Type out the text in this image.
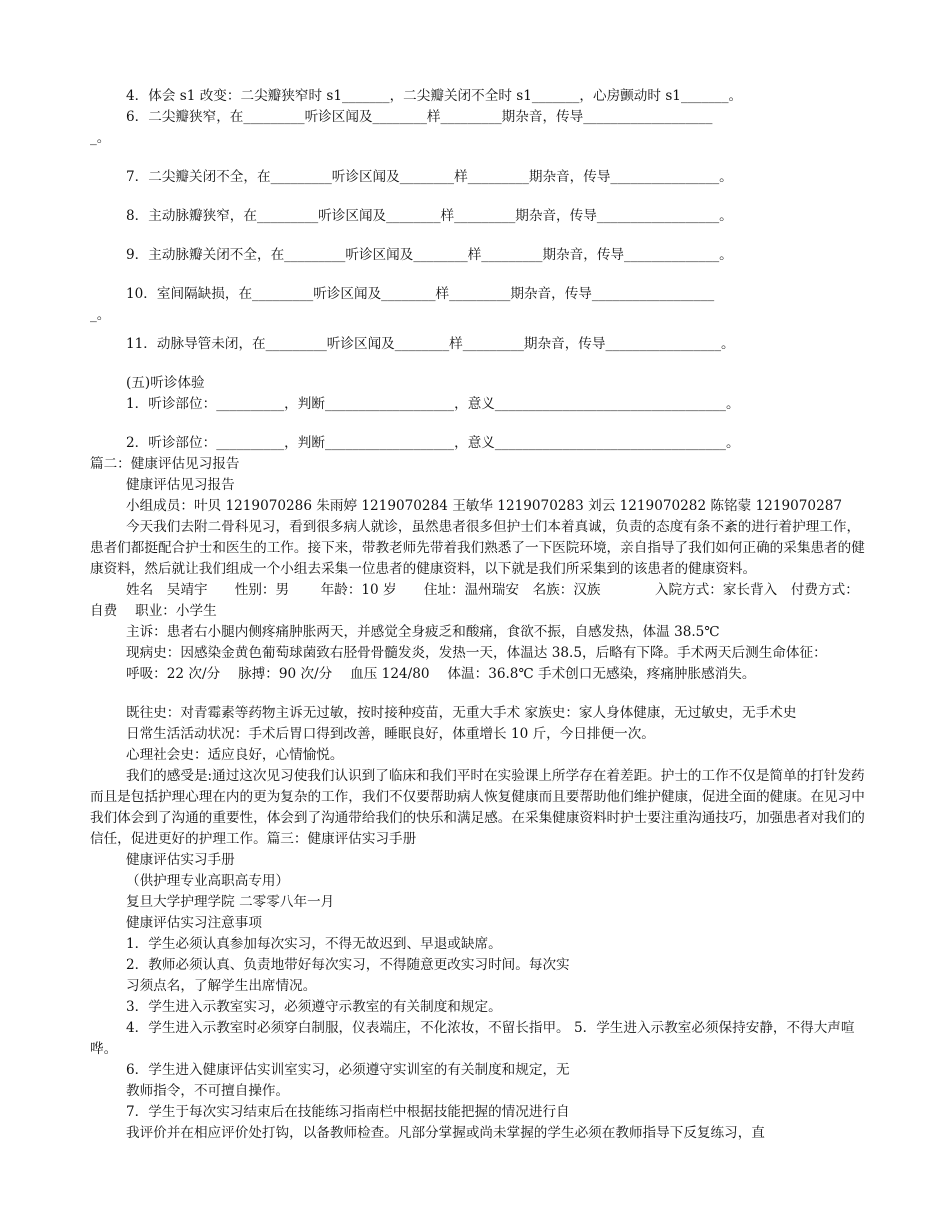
4．体会 s1 改变：二尖瓣狭窄时 s1_______，二尖瓣关闭不全时 s1_______，心房颤动时 s1_______。
6．二尖瓣狭窄，在_________听诊区闻及________样_________期杂音，传导___________________
_。
7．二尖瓣关闭不全，在_________听诊区闻及________样_________期杂音，传导________________。
8．主动脉瓣狭窄，在_________听诊区闻及________样_________期杂音，传导__________________。
9．主动脉瓣关闭不全，在_________听诊区闻及________样_________期杂音，传导______________。
10．室间隔缺损，在_________听诊区闻及________样_________期杂音，传导__________________
_。
11．动脉导管未闭，在_________听诊区闻及________样_________期杂音，传导_________________。
(五)听诊体验
1．听诊部位：__________，判断___________________，意义__________________________________。
2．听诊部位：__________，判断___________________，意义__________________________________。
篇二：健康评估见习报告
健康评估见习报告
小组成员：叶贝 1219070286 朱雨婷 1219070284 王敏华 1219070283 刘云 1219070282 陈铭蒙 1219070287
今天我们去附二骨科见习，看到很多病人就诊，虽然患者很多但护士们本着真诚，负责的态度有条不紊的进行着护理工作，患者们都挺配合护士和医生的工作。接下来，带教老师先带着我们熟悉了一下医院环境，亲自指导了我们如何正确的采集患者的健康资料，然后就让我们组成一个小组去采集一位患者的健康资料，以下就是我们所采集到的该患者的健康资料。
姓名　吴靖宇　　性别：男　　 年龄：10 岁　　住址：温州瑞安　名族：汉族　　　　入院方式：家长背入　付费方式：自费　 职业：小学生
主诉：患者右小腿内侧疼痛肿胀两天，并感觉全身疲乏和酸痛，食欲不振，自感发热，体温 38.5℃
现病史：因感染金黄色葡萄球菌致右胫骨骨髓发炎，发热一天，体温达 38.5，后略有下降。手术两天后测生命体征：
呼吸：22 次/分　 脉搏：90 次/分　 血压 124/80　 体温：36.8℃ 手术创口无感染，疼痛肿胀感消失。
既往史：对青霉素等药物主诉无过敏，按时接种疫苗，无重大手术 家族史：家人身体健康，无过敏史，无手术史
日常生活活动状况：手术后胃口得到改善，睡眠良好，体重增长 10 斤，今日排便一次。
心理社会史：适应良好，心情愉悦。
我们的感受是:通过这次见习使我们认识到了临床和我们平时在实验课上所学存在着差距。护士的工作不仅是简单的打针发药而且是包括护理心理在内的更为复杂的工作，我们不仅要帮助病人恢复健康而且要帮助他们维护健康，促进全面的健康。在见习中我们体会到了沟通的重要性，体会到了沟通带给我们的快乐和满足感。在采集健康资料时护士要注重沟通技巧，加强患者对我们的信任，促进更好的护理工作。篇三：健康评估实习手册
健康评估实习手册
（供护理专业高职高专用）
复旦大学护理学院 二零零八年一月
健康评估实习注意事项
1．学生必须认真参加每次实习，不得无故迟到、早退或缺席。
2．教师必须认真、负责地带好每次实习，不得随意更改实习时间。每次实
习须点名，了解学生出席情况。
3．学生进入示教室实习，必须遵守示教室的有关制度和规定。
4．学生进入示教室时必须穿白制服，仪表端庄，不化浓妆，不留长指甲。 5．学生进入示教室必须保持安静，不得大声喧哗。
6．学生进入健康评估实训室实习，必须遵守实训室的有关制度和规定，无
教师指令，不可擅自操作。
7．学生于每次实习结束后在技能练习指南栏中根据技能把握的情况进行自
我评价并在相应评价处打钩，以备教师检查。凡部分掌握或尚未掌握的学生必须在教师指导下反复练习，直
